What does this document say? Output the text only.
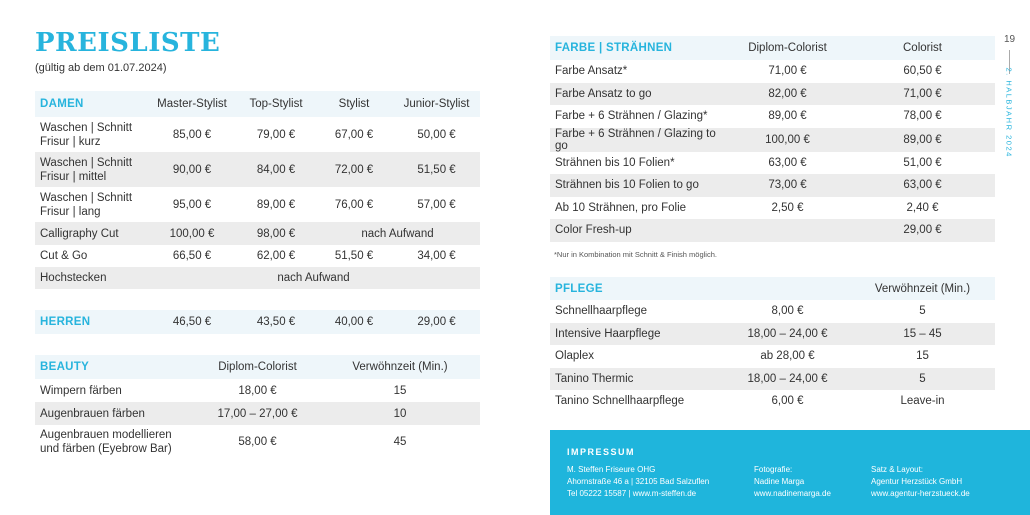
PREISLISTE
(gültig ab dem 01.07.2024)
DAMEN	Master-Stylist	Top-Stylist	Stylist	Junior-Stylist
Waschen | Schnitt
Frisur | kurz	85,00 €	79,00 €	67,00 €	50,00 €
Waschen | Schnitt
Frisur | mittel	90,00 €	84,00 €	72,00 €	51,50 €
Waschen | Schnitt
Frisur | lang	95,00 €	89,00 €	76,00 €	57,00 €
Calligraphy Cut	100,00 €	98,00 €	nach Aufwand	
Cut & Go	66,50 €	62,00 €	51,50 €	34,00 €
Hochstecken	nach Aufwand			
HERREN	46,50 €	43,50 €	40,00 €	29,00 €
BEAUTY	Diplom-Colorist	Verwöhnzeit (Min.)
Wimpern färben	18,00 €	15
Augenbrauen färben	17,00 – 27,00 €	10
Augenbrauen modellieren
und färben (Eyebrow Bar)	58,00 €	45
FARBE | STRÄHNEN	Diplom-Colorist	Colorist
Farbe Ansatz*	71,00 €	60,50 €
Farbe Ansatz to go	82,00 €	71,00 €
Farbe + 6 Strähnen / Glazing*	89,00 €	78,00 €
Farbe + 6 Strähnen / Glazing to go	100,00 €	89,00 €
Strähnen bis 10 Folien*	63,00 €	51,00 €
Strähnen bis 10 Folien to go	73,00 €	63,00 €
Ab 10 Strähnen, pro Folie	2,50 €	2,40 €
Color Fresh-up		29,00 €
*Nur in Kombination mit Schnitt & Finish möglich.
PFLEGE		Verwöhnzeit (Min.)
Schnellhaarpflege	8,00 €	5
Intensive Haarpflege	18,00 – 24,00 €	15 – 45
Olaplex	ab 28,00 €	15
Tanino Thermic	18,00 – 24,00 €	5
Tanino Schnellhaarpflege	6,00 €	Leave-in
19
2. HALBJAHR 2024
IMPRESSUM
M. Steffen Friseure OHG
Ahornstraße 46 a | 32105 Bad Salzuflen
Tel 05222 15587 | www.m-steffen.de
Fotografie:
Nadine Marga
www.nadinemarga.de
Satz & Layout:
Agentur Herzstück GmbH
www.agentur-herzstueck.de
